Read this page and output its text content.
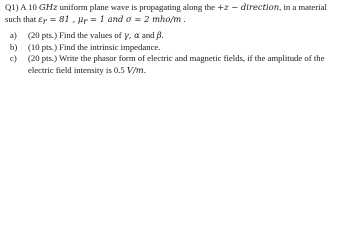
Q1) A 10 GHz uniform plane wave is propagating along the +z − direction, in a material
such that $\varepsilon_r = 81$ , $\mu_r = 1$ and σ = 2 mho/m .
a)	(20 pts.) Find the values of γ, α and β.
b)	(10 pts.) Find the intrinsic impedance.
c)	(20 pts.) Write the phasor form of electric and magnetic fields, if the amplitude of the
electric field intensity is 0.5 V/m.
